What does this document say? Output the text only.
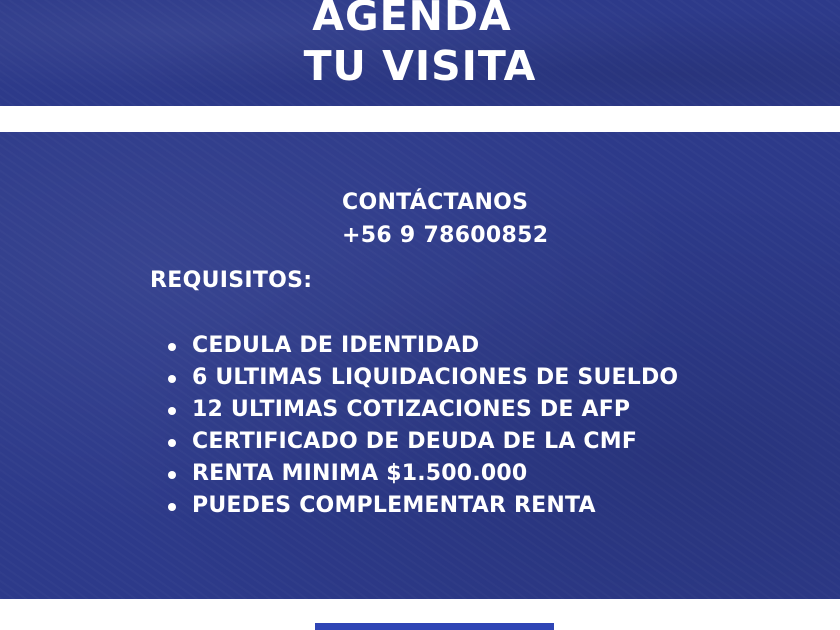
AGENDA
TU VISITA
CONTÁCTANOS
+56 9 78600852
REQUISITOS:
CEDULA DE IDENTIDAD
6 ULTIMAS LIQUIDACIONES DE SUELDO
12 ULTIMAS COTIZACIONES DE AFP
CERTIFICADO DE DEUDA DE LA CMF
RENTA MINIMA $1.500.000
PUEDES COMPLEMENTAR RENTA
